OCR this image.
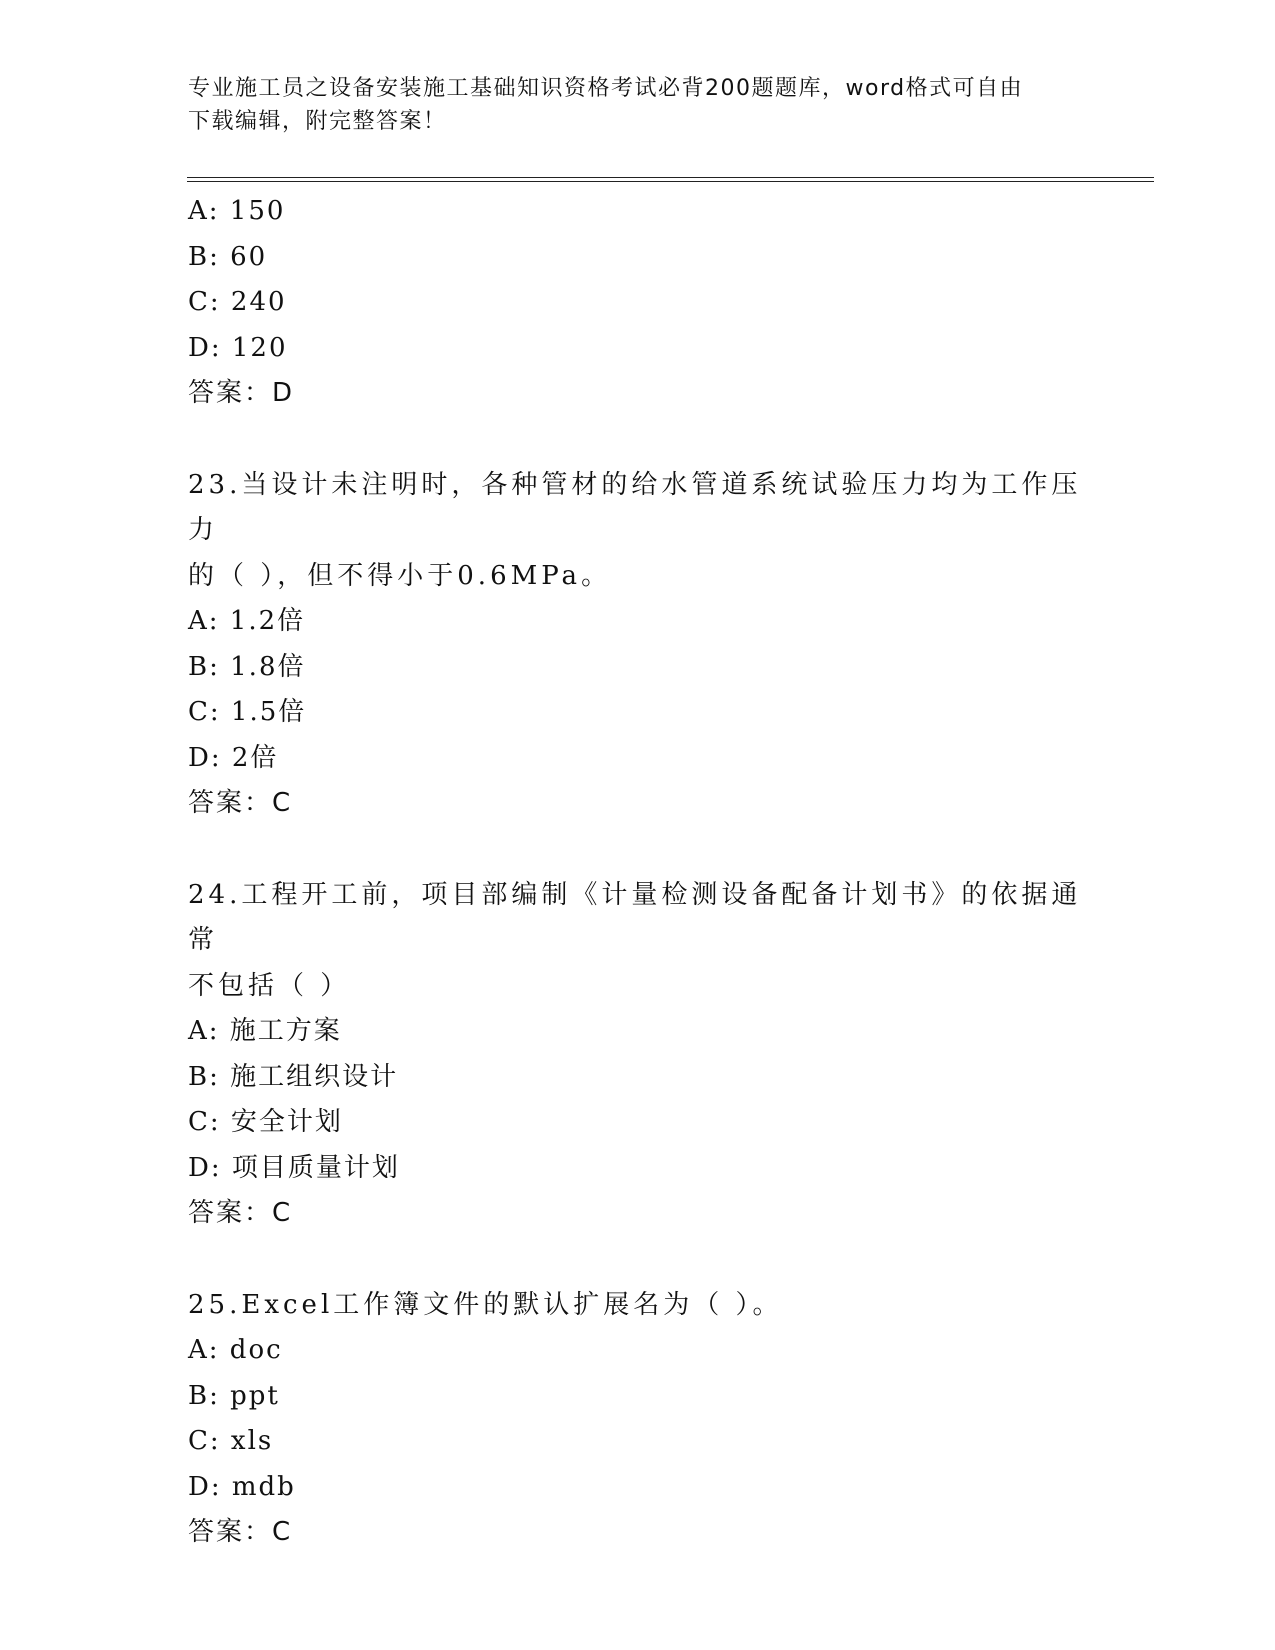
专业施工员之设备安装施工基础知识资格考试必背200题题库，word格式可自由
下载编辑，附完整答案！
A: 150
B: 60
C: 240
D: 120
答案：D
23.当设计未注明时，各种管材的给水管道系统试验压力均为工作压力
的（ ），但不得小于0.6MPa。
A: 1.2倍
B: 1.8倍
C: 1.5倍
D: 2倍
答案：C
24.工程开工前，项目部编制《计量检测设备配备计划书》的依据通常
不包括（ ）
A: 施工方案
B: 施工组织设计
C: 安全计划
D: 项目质量计划
答案：C
25.Excel工作簿文件的默认扩展名为（ ）。
A: doc
B: ppt
C: xls
D: mdb
答案：C
